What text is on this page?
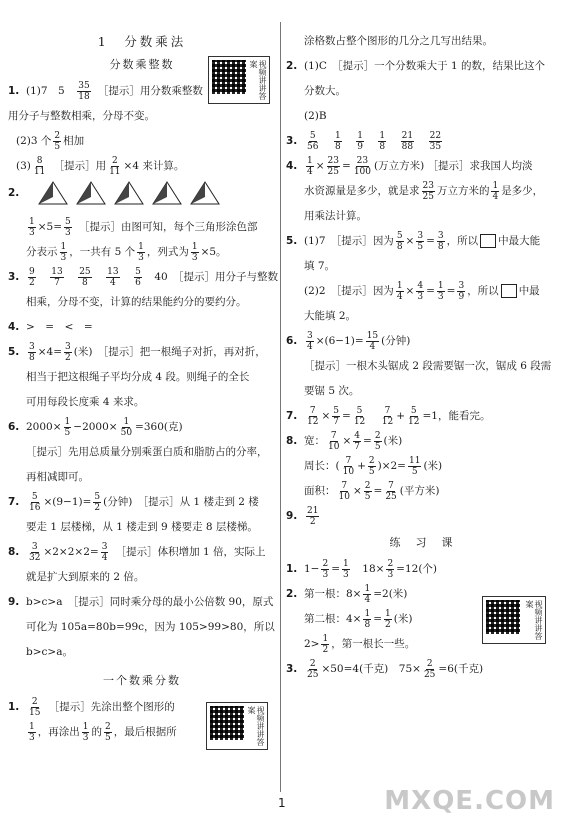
1　分数乘法
分数乘整数	视频讲讲答案
1. (1)7　5　 $\frac{35}{18}$
　 ［提示］用分数乘整数
用分子与整数相乘，分母不变。
(2)3 个 $\frac{2}{5}$ 相加
$(3) \frac{8}{11}$
　 ［提示］用 $\frac{2}{11} \times 4$ 来计算。
2.
$\frac{1}{3} \times 5= \frac{5}{3}$
　 ［提示］由图可知，每个三角形涂色部
分表示 $\frac{1}{3}$ ，一共有 5 个 $\frac{1}{3}$ ，列式为 $\frac{1}{3} \times 5$。
3. $\frac{9}{2}$
　 $\frac{13}{7}$
　 $\frac{25}{8}$
　 $\frac{13}{4}$
　 $\frac{5}{6}$
　 40　 ［提示］用分子与整数
相乘，分母不变，计算的结果能约分的要约分。
4. >　=　<　=
5. $\frac{3}{8} \times 4= \frac{3}{2}$ (米)　 ［提示］把一根绳子对折，再对折，
相当于把这根绳子平均分成 4 段。则绳子的全长
可用每段长度乘 4 来求。
6. $2000\times \frac{1}{5} -2000\times \frac{1}{50} =360$(克)
［提示］先用总质量分别乘蛋白质和脂肪占的分率，
再相减即可。
7. $\frac{5}{16} \times(9-1)= \frac{5}{2}$ (分钟)　 ［提示］从 1 楼走到 2 楼
要走 1 层楼梯，从 1 楼走到 9 楼要走 8 层楼梯。
8. $\frac{3}{32} \times 2\times 2\times 2= \frac{3}{4}$
　 ［提示］体积增加 1 倍，实际上
就是扩大到原来的 2 倍。
9. b>c>a　 ［提示］同时乘分母的最小公倍数 90，原式
可化为 105a=80b=99c，因为 105>99>80，所以
b>c>a。
一个数乘分数
视频讲讲答案
1. $\frac{2}{15}$
　 ［提示］先涂出整个图形的
$\frac{1}{3}$ ，再涂出 $\frac{1}{3}$ 的 $\frac{2}{5}$ ，最后根据所
涂格数占整个图形的几分之几写出结果。
2. (1)C　 ［提示］一个分数乘大于 1 的数，结果比这个
分数大。
(2)B
3. $\frac{5}{56}$
　 $\frac{1}{8}$
　 $\frac{1}{9}$
　 $\frac{1}{8}$
　 $\frac{21}{88}$
　 $\frac{22}{35}$

4. $\frac{1}{4} \times \frac{23}{25} = \frac{23}{100}$ (万立方米) ［提示］求我国人均淡
水资源量是多少，就是求 $\frac{23}{25}$ 万立方米的 $\frac{1}{4}$ 是多少，
用乘法计算。
5. (1)7　 ［提示］因为 $\frac{5}{8} \times \frac{3}{5} = \frac{3}{8}$ ，所以 中最大能
填 7。
(2)2　 ［提示］因为 $\frac{1}{4} \times \frac{4}{3} = \frac{1}{3} = \frac{3}{9}$ ，所以 中最
大能填 2。
6. $\frac{3}{4} \times(6-1)= \frac{15}{4}$ (分钟)
［提示］一根木头锯成 2 段需要锯一次，锯成 6 段需
要锯 5 次。
7. $\frac{7}{12} \times \frac{5}{7} = \frac{5}{12}$
　 $\frac{7}{12} + \frac{5}{12} =1$，能看完。
8. 宽： $\frac{7}{10} \times \frac{4}{7} = \frac{2}{5}$ (米)
周长：( $\frac{7}{10} + \frac{2}{5} )\times 2= \frac{11}{5}$ (米)
面积： $\frac{7}{10} \times \frac{2}{5} = \frac{7}{25}$ (平方米)
9. $\frac{21}{2}$
练　习　课
视频讲讲答案
1. $1- \frac{2}{3} = \frac{1}{3}$ 　$18\times \frac{2}{3} =12$(个)
2. 第一根：$8\times \frac{1}{4} =2$(米)
第二根：$4\times \frac{1}{8} = \frac{1}{2}$ (米)
$2> \frac{1}{2}$ ，第一根长一些。
3. $\frac{2}{25} \times 50=4$(千克)　$75\times \frac{2}{25} =6$(千克)
1	MXQE.COM
